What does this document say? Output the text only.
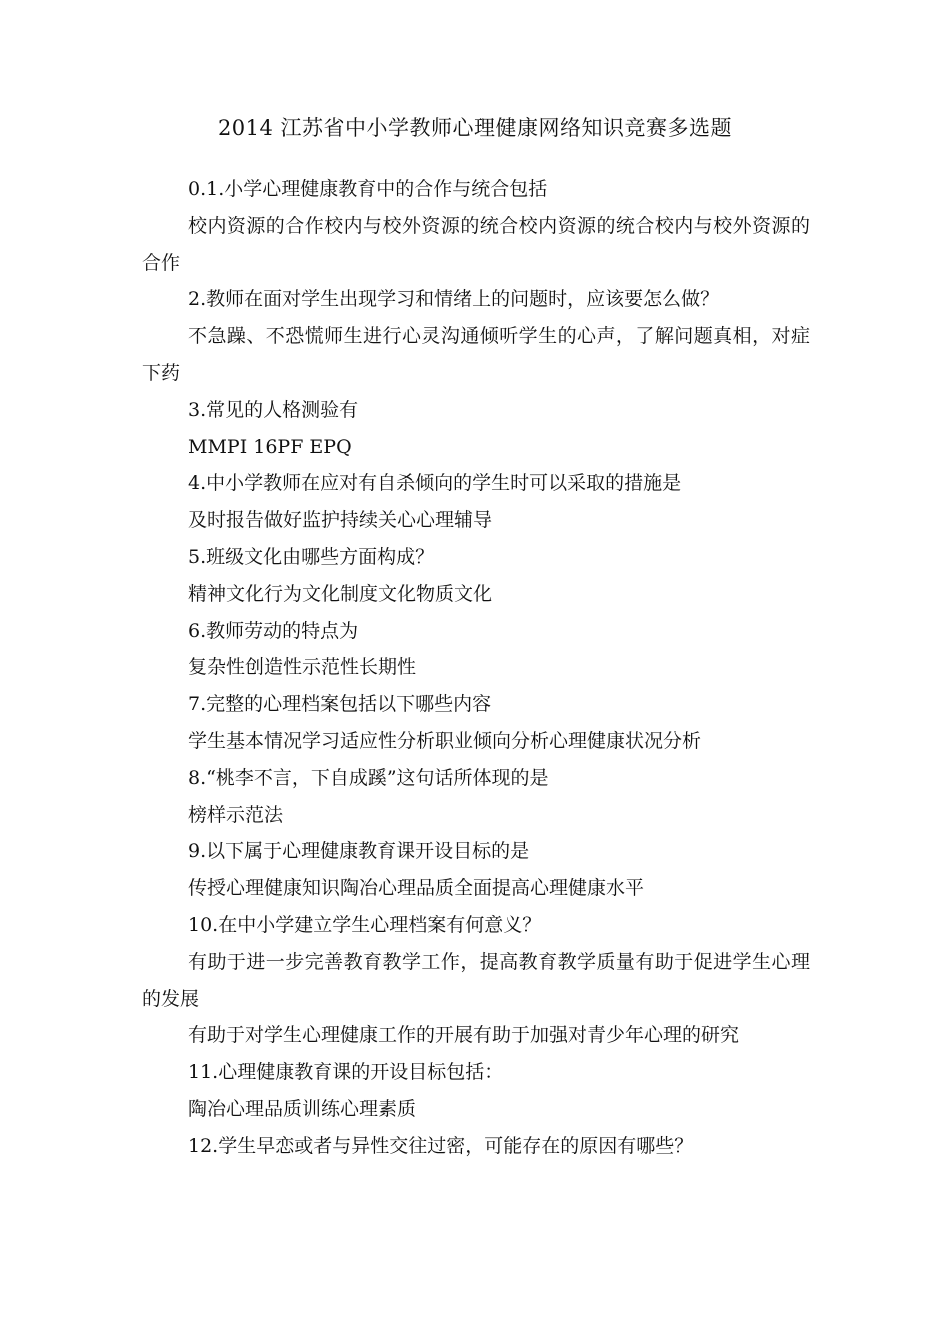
2014 江苏省中小学教师心理健康网络知识竞赛多选题

0.1.小学心理健康教育中的合作与统合包括

校内资源的合作校内与校外资源的统合校内资源的统合校内与校外资源的合作

2.教师在面对学生出现学习和情绪上的问题时，应该要怎么做？

不急躁、不恐慌师生进行心灵沟通倾听学生的心声，了解问题真相，对症下药

3.常见的人格测验有

MMPI 16PF EPQ

4.中小学教师在应对有自杀倾向的学生时可以采取的措施是

及时报告做好监护持续关心心理辅导

5.班级文化由哪些方面构成？

精神文化行为文化制度文化物质文化

6.教师劳动的特点为

复杂性创造性示范性长期性

7.完整的心理档案包括以下哪些内容

学生基本情况学习适应性分析职业倾向分析心理健康状况分析

8.“桃李不言，下自成蹊”这句话所体现的是

榜样示范法

9.以下属于心理健康教育课开设目标的是

传授心理健康知识陶冶心理品质全面提高心理健康水平

10.在中小学建立学生心理档案有何意义？

有助于进一步完善教育教学工作，提高教育教学质量有助于促进学生心理的发展

有助于对学生心理健康工作的开展有助于加强对青少年心理的研究

11.心理健康教育课的开设目标包括：

陶冶心理品质训练心理素质

12.学生早恋或者与异性交往过密，可能存在的原因有哪些？
